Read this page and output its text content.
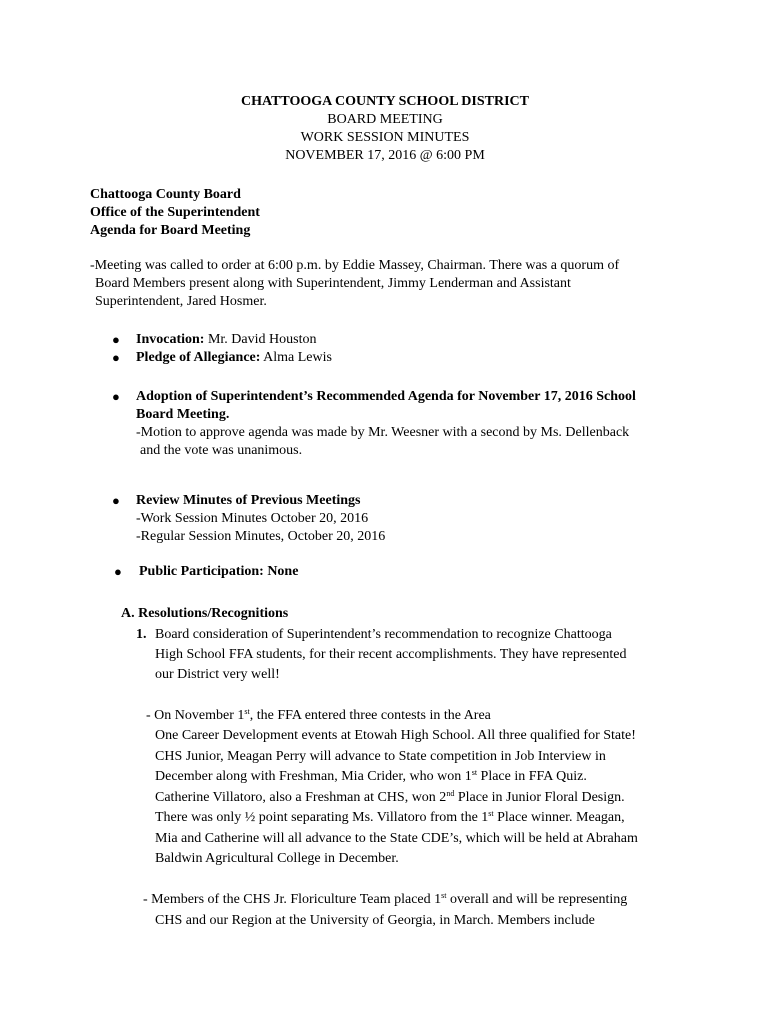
CHATTOOGA COUNTY SCHOOL DISTRICT
BOARD MEETING
WORK SESSION MINUTES
NOVEMBER 17, 2016 @ 6:00 PM
Chattooga County Board
Office of the Superintendent
Agenda for Board Meeting
-Meeting was called to order at 6:00 p.m. by Eddie Massey, Chairman. There was a quorum of
Board Members present along with Superintendent, Jimmy Lenderman and Assistant
Superintendent, Jared Hosmer.
● Invocation: Mr. David Houston
● Pledge of Allegiance: Alma Lewis
● Adoption of Superintendent’s Recommended Agenda for November 17, 2016 School
Board Meeting.
-Motion to approve agenda was made by Mr. Weesner with a second by Ms. Dellenback
and the vote was unanimous.
● Review Minutes of Previous Meetings
-Work Session Minutes October 20, 2016
-Regular Session Minutes, October 20, 2016
● Public Participation: None
A. Resolutions/Recognitions
1. Board consideration of Superintendent’s recommendation to recognize Chattooga
High School FFA students, for their recent accomplishments. They have represented
our District very well!
- On November 1st, the FFA entered three contests in the Area
One Career Development events at Etowah High School. All three qualified for State!
CHS Junior, Meagan Perry will advance to State competition in Job Interview in
December along with Freshman, Mia Crider, who won 1st Place in FFA Quiz.
Catherine Villatoro, also a Freshman at CHS, won 2nd Place in Junior Floral Design.
There was only ½ point separating Ms. Villatoro from the 1st Place winner. Meagan,
Mia and Catherine will all advance to the State CDE’s, which will be held at Abraham
Baldwin Agricultural College in December.
- Members of the CHS Jr. Floriculture Team placed 1st overall and will be representing
CHS and our Region at the University of Georgia, in March. Members include
